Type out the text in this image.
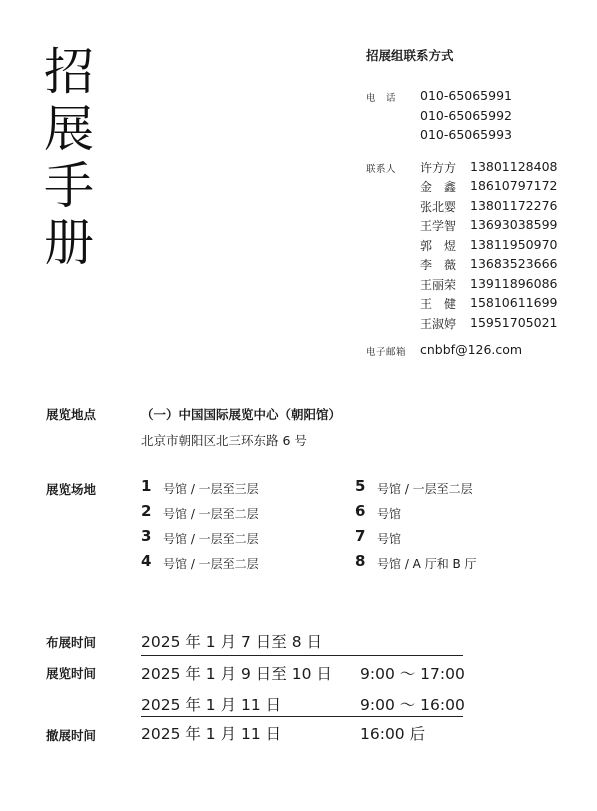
招
展
手
册
招展组联系方式
电　话 010-65065991
010-65065992
010-65065993
联系人 许方方 13801128408
金　鑫 18610797172
张北婴 13801172276
王学智 13693038599
郭　煜 13811950970
李　薇 13683523666
王丽荣 13911896086
王　健 15810611699
王淑婷 15951705021
电子邮箱 cnbbf@126.com
展览地点	（一）中国国际展览中心（朝阳馆）
北京市朝阳区北三环东路 6 号
展览场地	1 号馆 / 一层至三层
2 号馆 / 一层至二层
3 号馆 / 一层至二层
4 号馆 / 一层至二层
5 号馆 / 一层至二层
6 号馆
7 号馆
8 号馆 / A 厅和 B 厅
布展时间	2025 年 1 月 7 日至 8 日
展览时间	2025 年 1 月 9 日至 10 日 9:00 ～ 17:00
2025 年 1 月 11 日	9:00 ～ 16:00
撤展时间	2025 年 1 月 11 日	16:00 后
